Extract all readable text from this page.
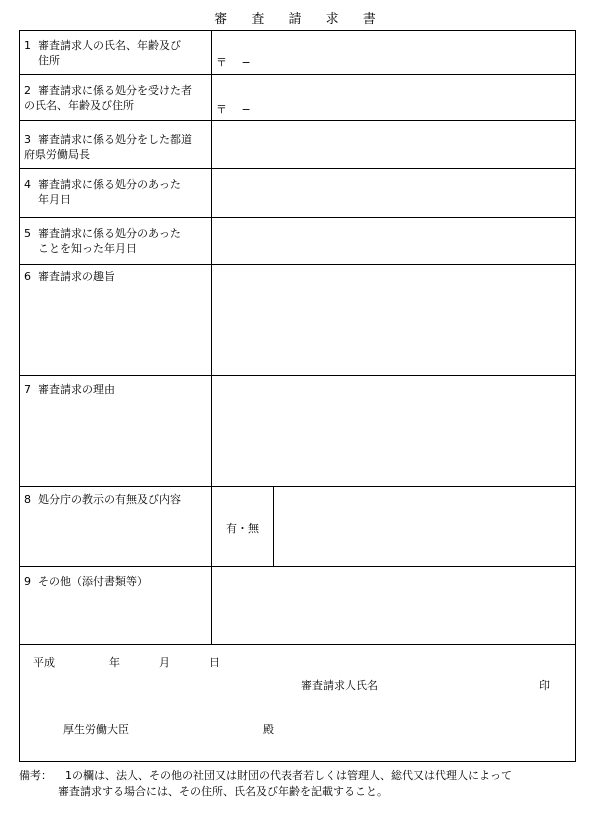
審 査 請 求 書
1 審査請求人の氏名、年齢及び
住所	〒　 −
2 審査請求に係る処分を受けた者
の氏名、年齢及び住所	〒　 −
3 審査請求に係る処分をした都道
府県労働局長
4 審査請求に係る処分のあった
年月日
5 審査請求に係る処分のあった
ことを知った年月日
6 審査請求の趣旨
7 審査請求の理由
8 処分庁の教示の有無及び内容
有・無
9 その他（添付書類等）
平成	年	月	日
審査請求人氏名	印
厚生労働大臣	殿
備考： 1の欄は、法人、その他の社団又は財団の代表者若しくは管理人、総代又は代理人によって
審査請求する場合には、その住所、氏名及び年齢を記載すること。
